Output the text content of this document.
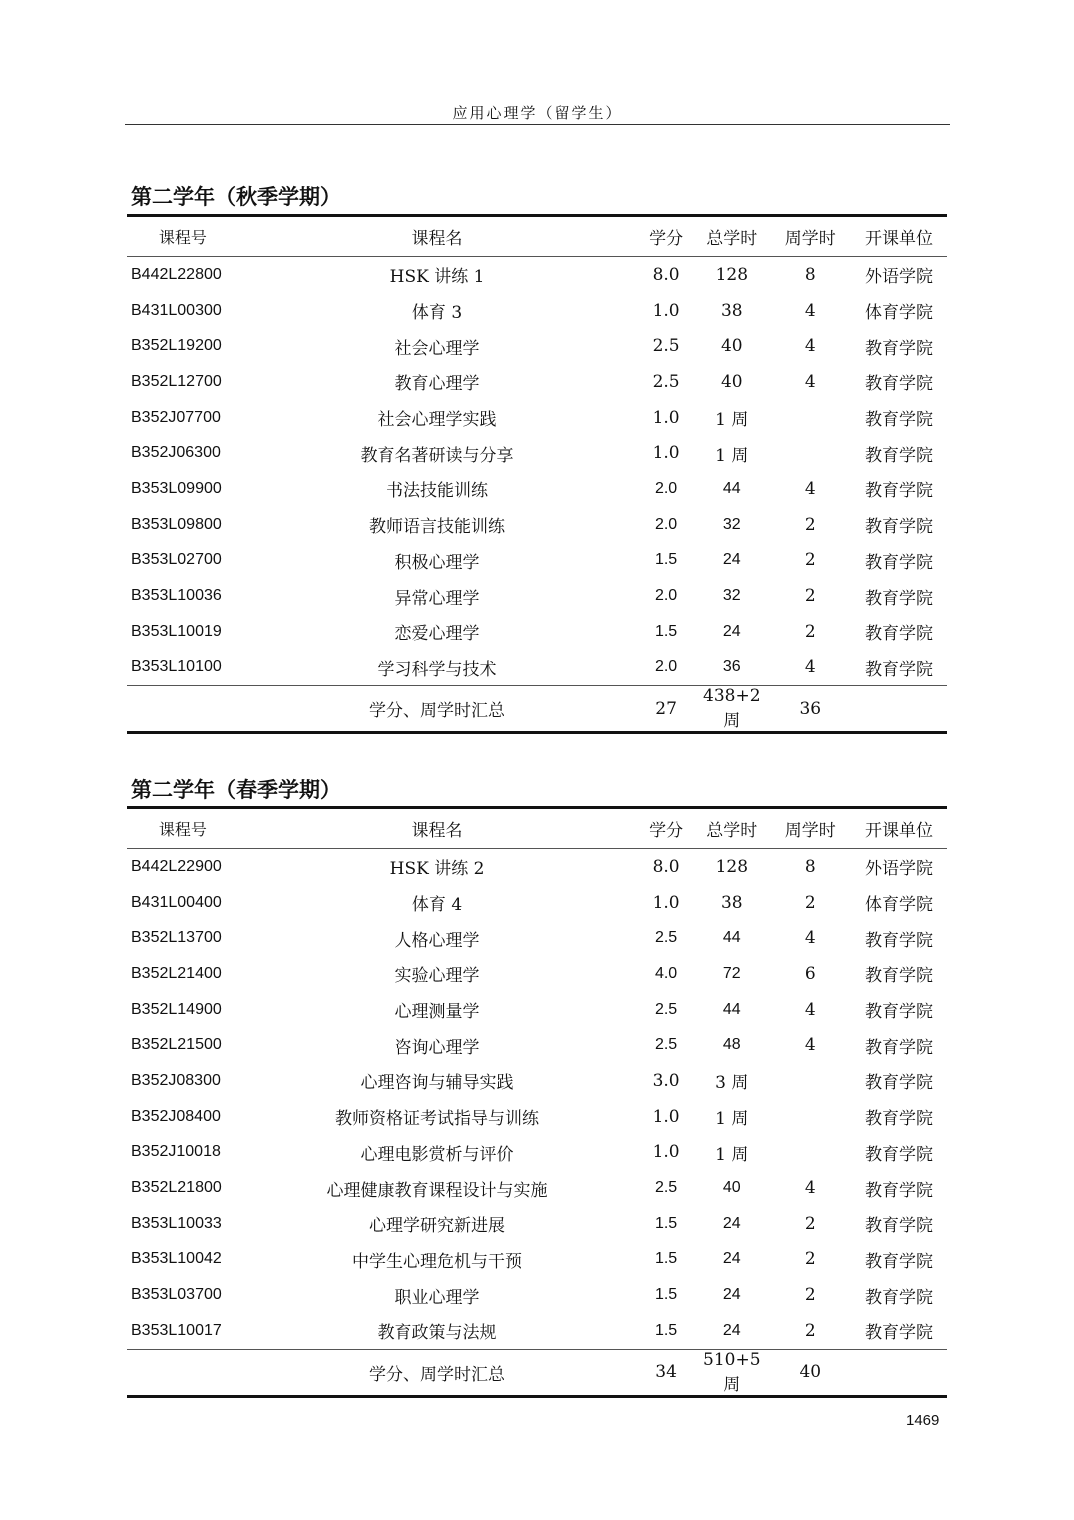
应用心理学（留学生）
第二学年（秋季学期）
课程号	课程名	学分	总学时	周学时	开课单位
B442L22800	HSK 讲练 1	8.0	128	8	外语学院
B431L00300	体育 3	1.0	38	4	体育学院
B352L19200	社会心理学	2.5	40	4	教育学院
B352L12700	教育心理学	2.5	40	4	教育学院
B352J07700	社会心理学实践	1.0	1 周		教育学院
B352J06300	教育名著研读与分享	1.0	1 周		教育学院
B353L09900	书法技能训练	2.0	44	4	教育学院
B353L09800	教师语言技能训练	2.0	32	2	教育学院
B353L02700	积极心理学	1.5	24	2	教育学院
B353L10036	异常心理学	2.0	32	2	教育学院
B353L10019	恋爱心理学	1.5	24	2	教育学院
B353L10100	学习科学与技术	2.0	36	4	教育学院
	学分、周学时汇总	27	438+2 周	36	
第二学年（春季学期）
课程号	课程名	学分	总学时	周学时	开课单位
B442L22900	HSK 讲练 2	8.0	128	8	外语学院
B431L00400	体育 4	1.0	38	2	体育学院
B352L13700	人格心理学	2.5	44	4	教育学院
B352L21400	实验心理学	4.0	72	6	教育学院
B352L14900	心理测量学	2.5	44	4	教育学院
B352L21500	咨询心理学	2.5	48	4	教育学院
B352J08300	心理咨询与辅导实践	3.0	3 周		教育学院
B352J08400	教师资格证考试指导与训练	1.0	1 周		教育学院
B352J10018	心理电影赏析与评价	1.0	1 周		教育学院
B352L21800	心理健康教育课程设计与实施	2.5	40	4	教育学院
B353L10033	心理学研究新进展	1.5	24	2	教育学院
B353L10042	中学生心理危机与干预	1.5	24	2	教育学院
B353L03700	职业心理学	1.5	24	2	教育学院
B353L10017	教育政策与法规	1.5	24	2	教育学院
	学分、周学时汇总	34	510+5 周	40	
1469
